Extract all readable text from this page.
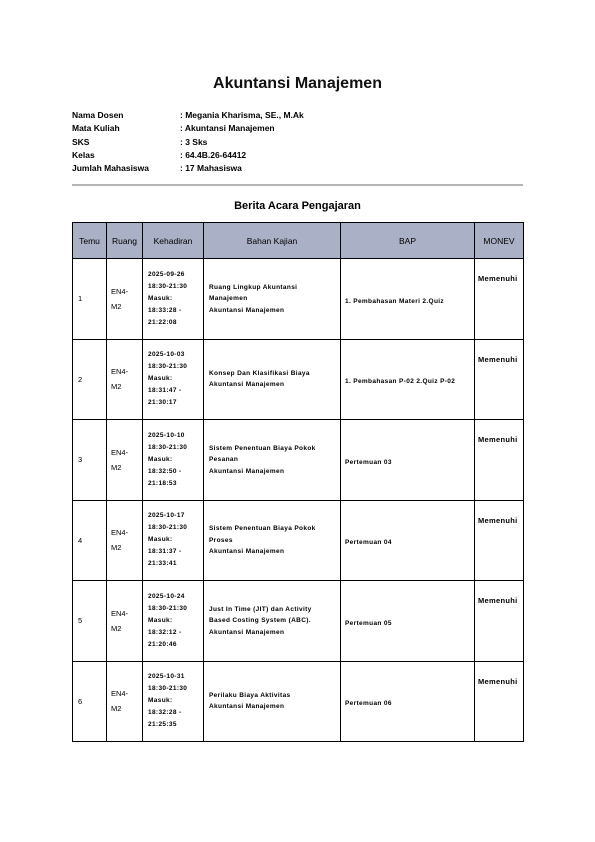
Akuntansi Manajemen
Nama Dosen	: Megania Kharisma, SE., M.Ak
Mata Kuliah	: Akuntansi Manajemen
SKS	: 3 Sks
Kelas	: 64.4B.26-64412
Jumlah Mahasiswa	: 17 Mahasiswa
Berita Acara Pengajaran
Temu	Ruang	Kehadiran	Bahan Kajian	BAP	MONEV
1	EN4-M2	2025-09-26
18:30-21:30
Masuk: 18:33:28 - 21:22:08	Ruang Lingkup Akuntansi Manajemen
Akuntansi Manajemen	1. Pembahasan Materi 2.Quiz	Memenuhi
2	EN4-M2	2025-10-03
18:30-21:30
Masuk: 18:31:47 - 21:30:17	Konsep Dan Klasifikasi Biaya
Akuntansi Manajemen	1. Pembahasan P-02 2.Quiz P-02	Memenuhi
3	EN4-M2	2025-10-10
18:30-21:30
Masuk: 18:32:50 - 21:18:53	Sistem Penentuan Biaya Pokok Pesanan
Akuntansi Manajemen	Pertemuan 03	Memenuhi
4	EN4-M2	2025-10-17
18:30-21:30
Masuk: 18:31:37 - 21:33:41	Sistem Penentuan Biaya Pokok Proses
Akuntansi Manajemen	Pertemuan 04	Memenuhi
5	EN4-M2	2025-10-24
18:30-21:30
Masuk: 18:32:12 - 21:20:46	Just In Time (JIT) dan Activity Based Costing System (ABC).
Akuntansi Manajemen	Pertemuan 05	Memenuhi
6	EN4-M2	2025-10-31
18:30-21:30
Masuk: 18:32:28 - 21:25:35	Perilaku Biaya Aktivitas
Akuntansi Manajemen	Pertemuan 06	Memenuhi
